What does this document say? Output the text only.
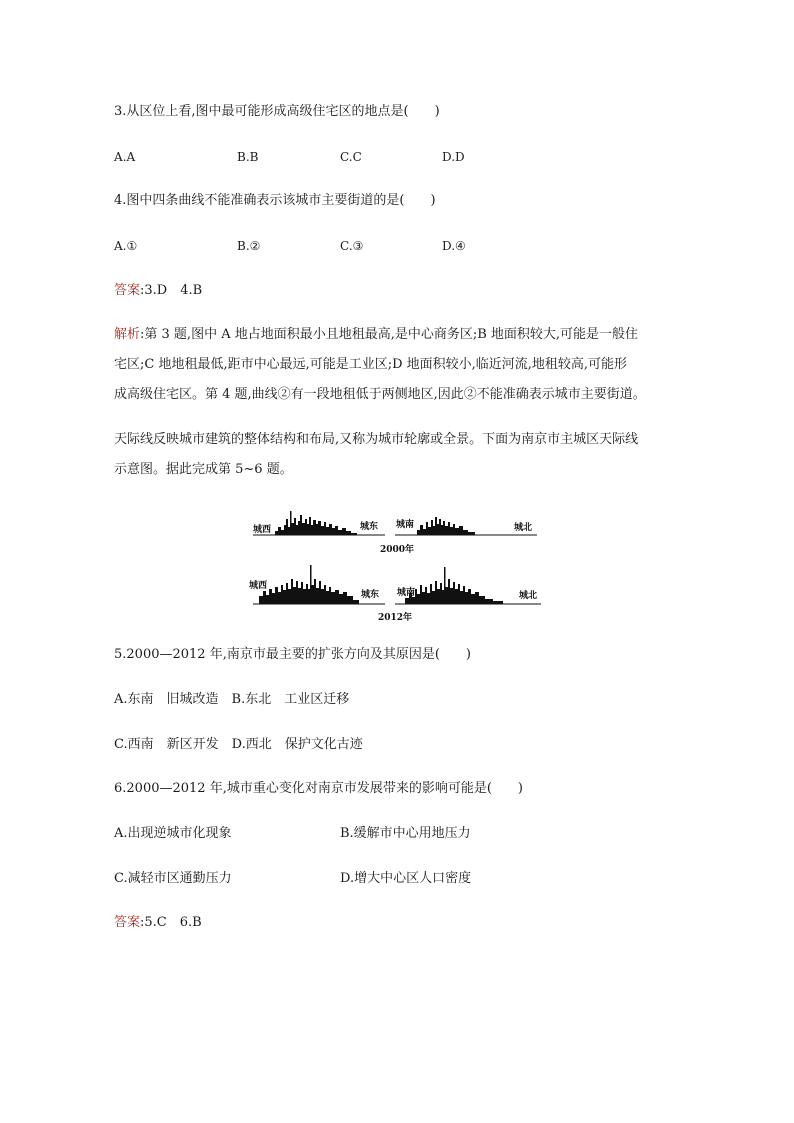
3.从区位上看,图中最可能形成高级住宅区的地点是(　　)
A.A	B.B	C.C	D.D
4.图中四条曲线不能准确表示该城市主要街道的是(　　)
A.①	B.②	C.③	D.④
答案:3.D　4.B
解析:第 3 题,图中 A 地占地面积最小且地租最高,是中心商务区;B 地面积较大,可能是一般住
宅区;C 地地租最低,距市中心最远,可能是工业区;D 地面积较小,临近河流,地租较高,可能形
成高级住宅区。第 4 题,曲线②有一段地租低于两侧地区,因此②不能准确表示城市主要街道。
天际线反映城市建筑的整体结构和布局,又称为城市轮廓或全景。下面为南京市主城区天际线
示意图。据此完成第 5~6 题。
城西	城东 城南	城北
2000年
城西
城东 城南	城北
2012年
5.2000—2012 年,南京市最主要的扩张方向及其原因是(　　)
A.东南　旧城改造　B.东北　工业区迁移
C.西南　新区开发　D.西北　保护文化古迹
6.2000—2012 年,城市重心变化对南京市发展带来的影响可能是(　　)
A.出现逆城市化现象	B.缓解市中心用地压力
C.减轻市区通勤压力	D.增大中心区人口密度
答案:5.C　6.B
